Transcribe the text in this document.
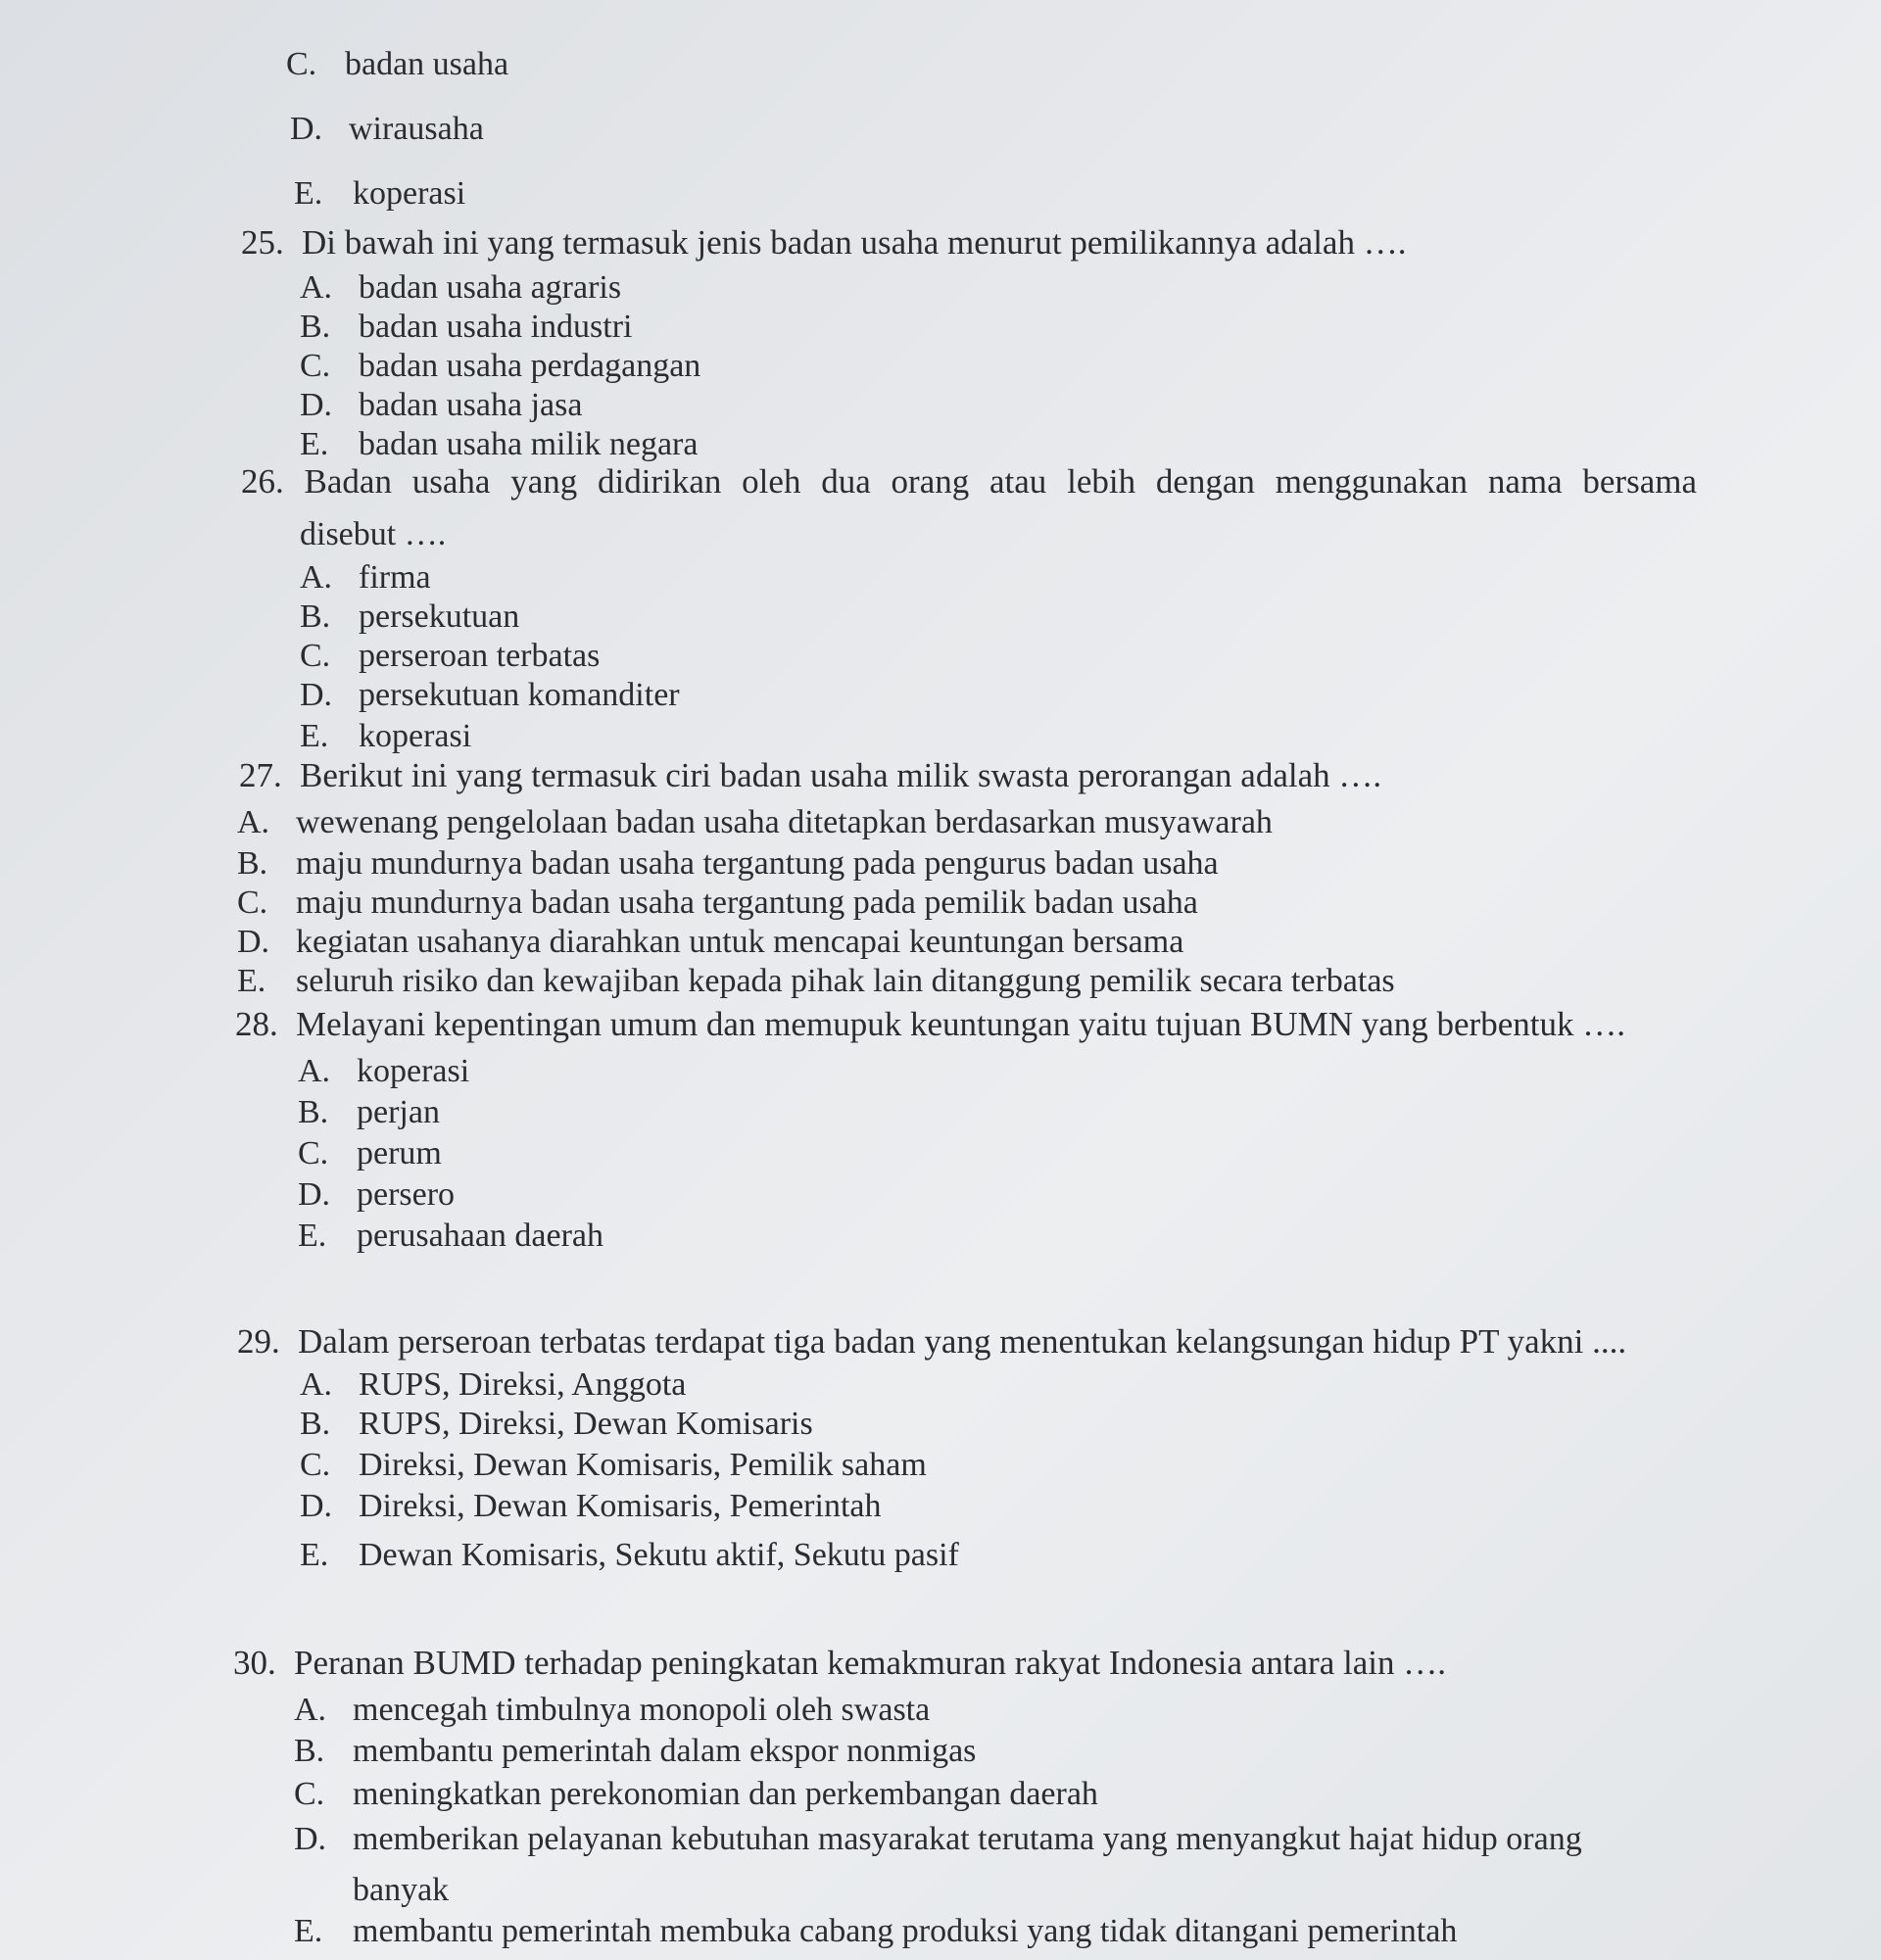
C. badan usaha
D. wirausaha
E. koperasi
25. Di bawah ini yang termasuk jenis badan usaha menurut pemilikannya adalah ….
A. badan usaha agraris
B. badan usaha industri
C. badan usaha perdagangan
D. badan usaha jasa
E. badan usaha milik negara
26. Badan usaha yang didirikan oleh dua orang atau lebih dengan menggunakan nama bersama
disebut ….
A. firma
B. persekutuan
C. perseroan terbatas
D. persekutuan komanditer
E. koperasi
27. Berikut ini yang termasuk ciri badan usaha milik swasta perorangan adalah ….
A. wewenang pengelolaan badan usaha ditetapkan berdasarkan musyawarah
B. maju mundurnya badan usaha tergantung pada pengurus badan usaha
C. maju mundurnya badan usaha tergantung pada pemilik badan usaha
D. kegiatan usahanya diarahkan untuk mencapai keuntungan bersama
E. seluruh risiko dan kewajiban kepada pihak lain ditanggung pemilik secara terbatas
28. Melayani kepentingan umum dan memupuk keuntungan yaitu tujuan BUMN yang berbentuk ….
A. koperasi
B. perjan
C. perum
D. persero
E. perusahaan daerah
29. Dalam perseroan terbatas terdapat tiga badan yang menentukan kelangsungan hidup PT yakni ....
A. RUPS, Direksi, Anggota
B. RUPS, Direksi, Dewan Komisaris
C. Direksi, Dewan Komisaris, Pemilik saham
D. Direksi, Dewan Komisaris, Pemerintah
E. Dewan Komisaris, Sekutu aktif, Sekutu pasif
30. Peranan BUMD terhadap peningkatan kemakmuran rakyat Indonesia antara lain ….
A. mencegah timbulnya monopoli oleh swasta
B. membantu pemerintah dalam ekspor nonmigas
C. meningkatkan perekonomian dan perkembangan daerah
D. memberikan pelayanan kebutuhan masyarakat terutama yang menyangkut hajat hidup orang
banyak
E. membantu pemerintah membuka cabang produksi yang tidak ditangani pemerintah
